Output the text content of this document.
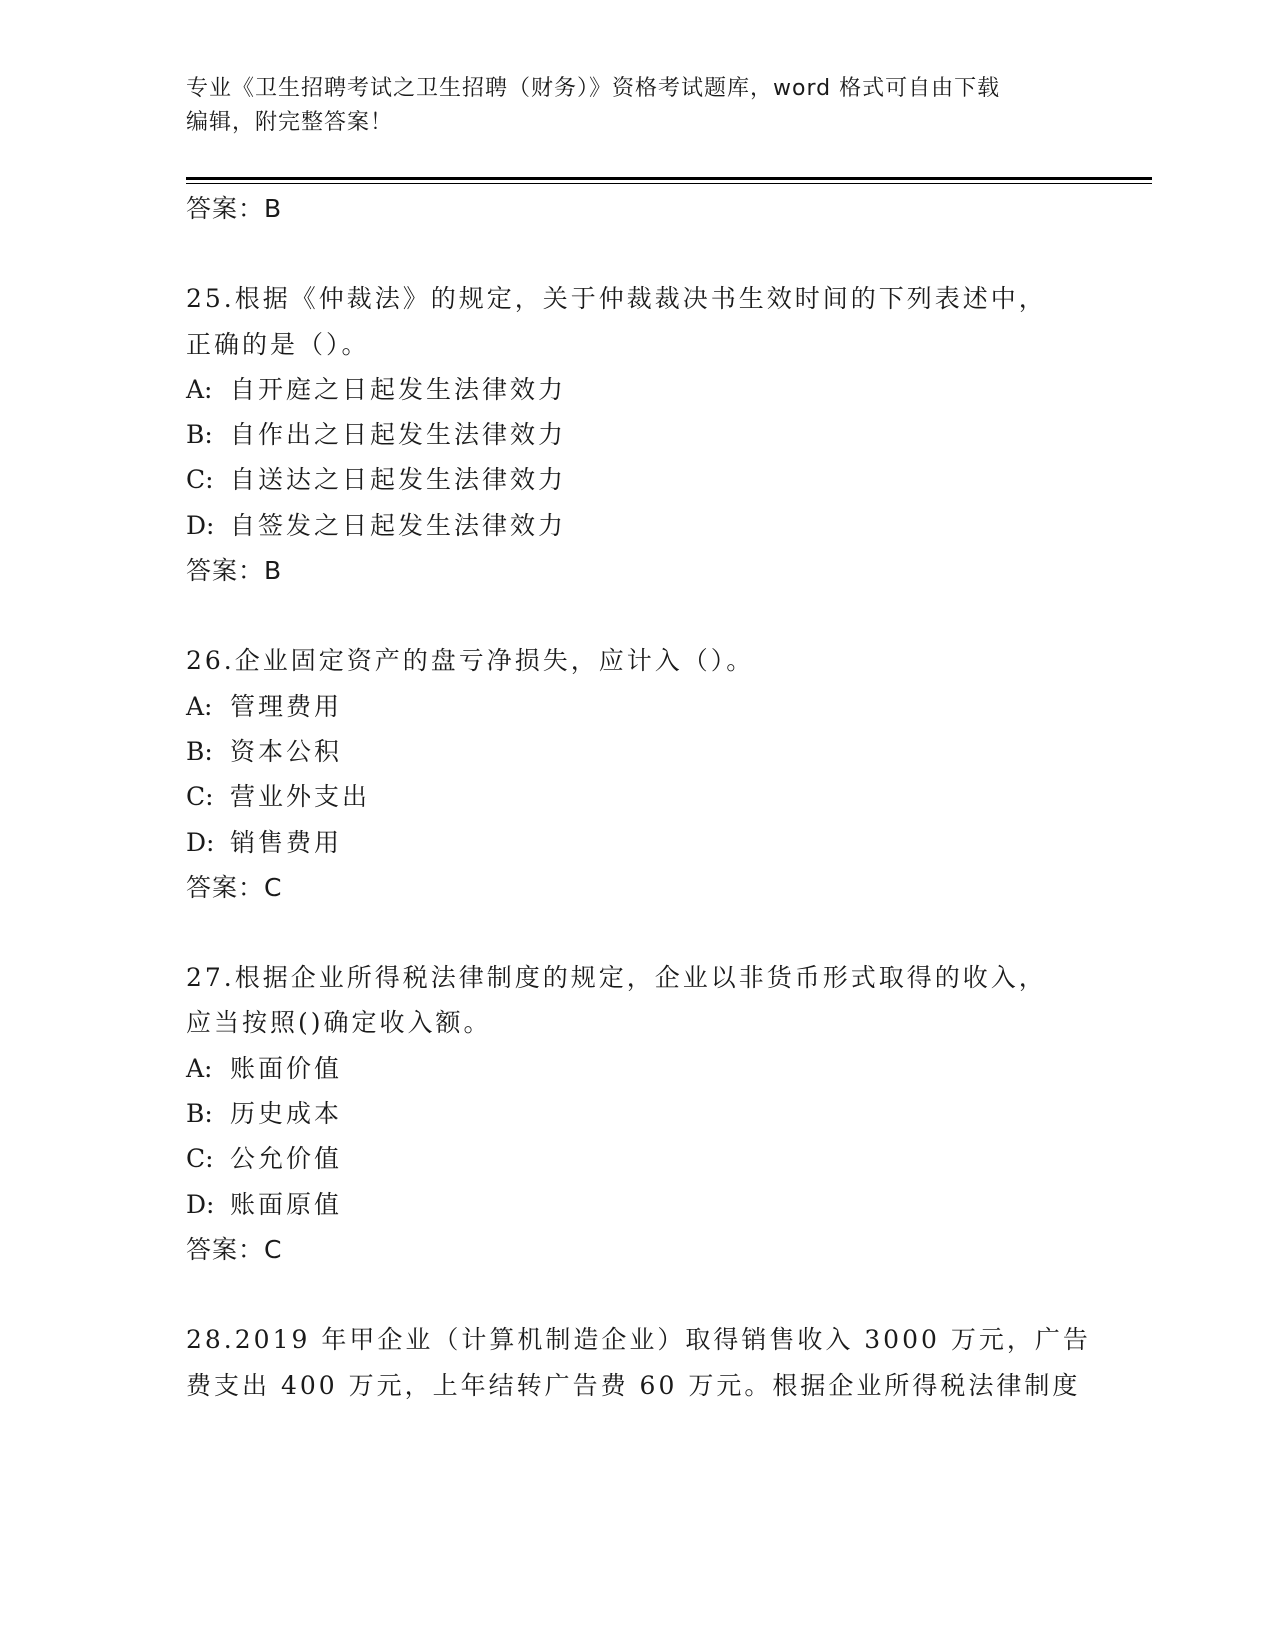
专业《卫生招聘考试之卫生招聘（财务）》资格考试题库，word 格式可自由下载
编辑，附完整答案！
答案：B
25.根据《仲裁法》的规定，关于仲裁裁决书生效时间的下列表述中，
正确的是（）。
A: 自开庭之日起发生法律效力
B: 自作出之日起发生法律效力
C: 自送达之日起发生法律效力
D: 自签发之日起发生法律效力
答案：B
26.企业固定资产的盘亏净损失，应计入（）。
A: 管理费用
B: 资本公积
C: 营业外支出
D: 销售费用
答案：C
27.根据企业所得税法律制度的规定，企业以非货币形式取得的收入，
应当按照()确定收入额。
A: 账面价值
B: 历史成本
C: 公允价值
D: 账面原值
答案：C
28.2019 年甲企业（计算机制造企业）取得销售收入 3000 万元，广告
费支出 400 万元，上年结转广告费 60 万元。根据企业所得税法律制度
